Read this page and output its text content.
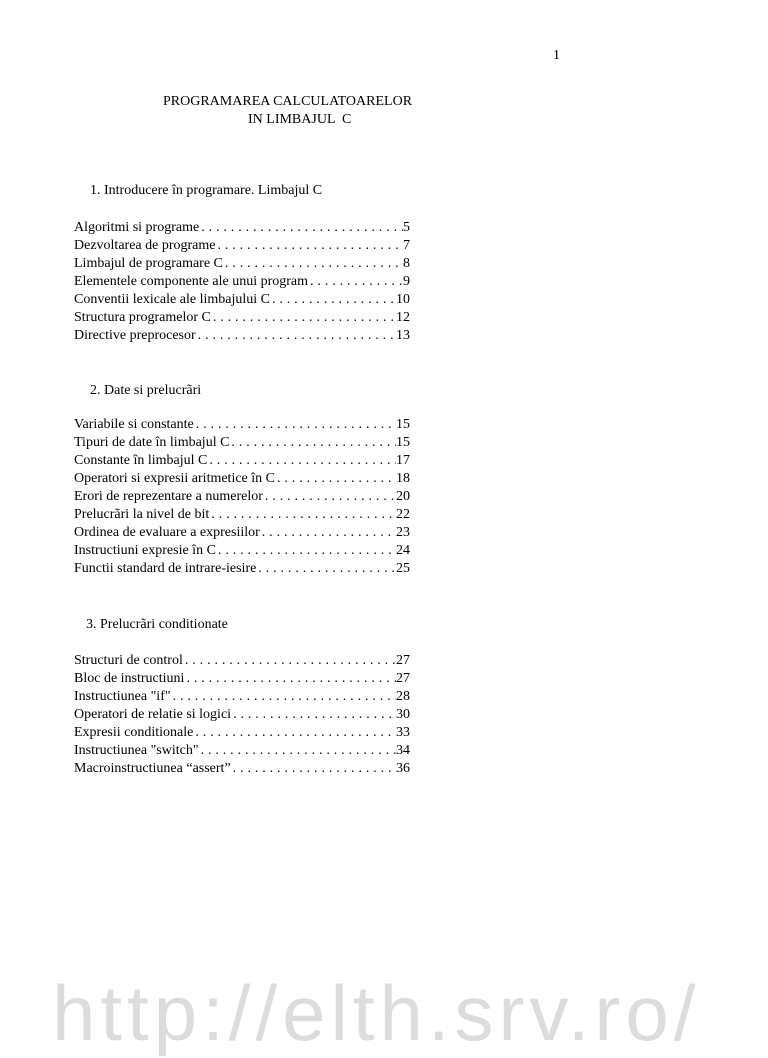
1
PROGRAMAREA CALCULATOARELOR
IN LIMBAJUL  C
1. Introducere în programare. Limbajul C
Algoritmi si programe . . .	5
Dezvoltarea de programe . . .	7
Limbajul de programare C . . .	8
Elementele componente ale unui program . . .	9
Conventii lexicale ale limbajului C . . .	10
Structura programelor C . . .	12
Directive preprocesor . . .	13
2. Date si prelucrãri
Variabile si constante . . .	15
Tipuri de date în limbajul C . . .	15
Constante în limbajul C . . .	17
Operatori si expresii aritmetice în C . . .	18
Erori de reprezentare a numerelor . . .	20
Prelucrãri la nivel de bit . . .	22
Ordinea de evaluare a expresiilor . . .	23
Instructiuni expresie în C . . .	24
Functii standard de intrare-iesire . . .	25
3. Prelucrãri conditionate
Structuri de control . . .	27
Bloc de instructiuni . . .	27
Instructiunea "if" . . .	28
Operatori de relatie si logici . . .	30
Expresii conditionale . . .	33
Instructiunea "switch" . . .	34
Macroinstructiunea “assert” . . .	36
http://elth.srv.ro/
